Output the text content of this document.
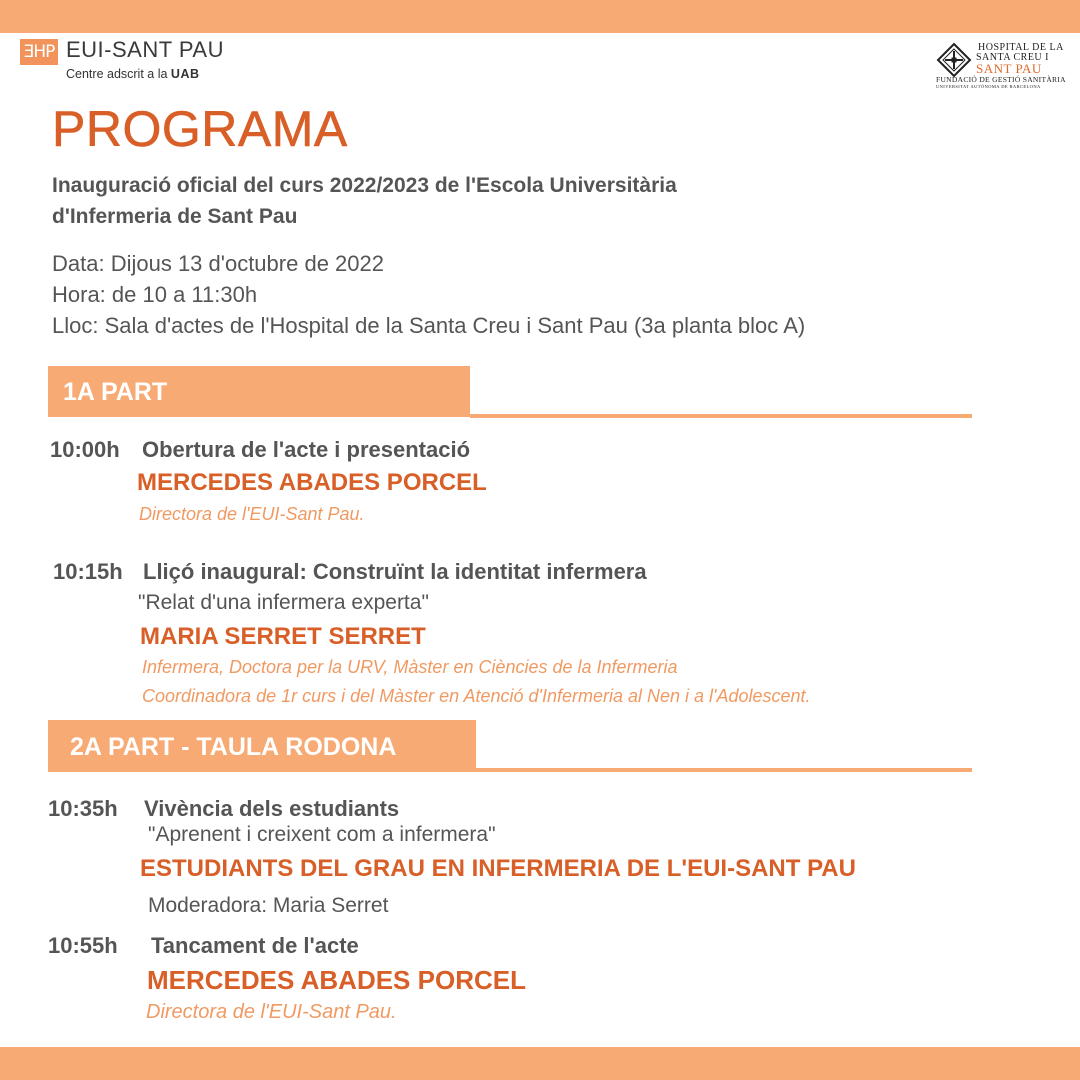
ƎHP EUI-SANT PAU
Centre adscrit a la UAB
HOSPITAL DE LA
SANTA CREU I
SANT PAU
FUNDACIÓ DE GESTIÓ SANITÀRIA
UNIVERSITAT AUTÒNOMA DE BARCELONA
PROGRAMA
Inauguració oficial del curs 2022/2023 de l'Escola Universitària
d'Infermeria de Sant Pau
Data: Dijous 13 d'octubre de 2022
Hora: de 10 a 11:30h
Lloc: Sala d'actes de l'Hospital de la Santa Creu i Sant Pau (3a planta bloc A)
1A PART
10:00h Obertura de l'acte i presentació
MERCEDES ABADES PORCEL
Directora de l'EUI-Sant Pau.
10:15h Lliçó inaugural: Construïnt la identitat infermera
"Relat d'una infermera experta"
MARIA SERRET SERRET
Infermera, Doctora per la URV, Màster en Ciències de la Infermeria
Coordinadora de 1r curs i del Màster en Atenció d'Infermeria al Nen i a l'Adolescent.
2A PART - TAULA RODONA
10:35h Vivència dels estudiants
"Aprenent i creixent com a infermera"
ESTUDIANTS DEL GRAU EN INFERMERIA DE L'EUI-SANT PAU
Moderadora: Maria Serret
10:55h Tancament de l'acte
MERCEDES ABADES PORCEL
Directora de l'EUI-Sant Pau.
